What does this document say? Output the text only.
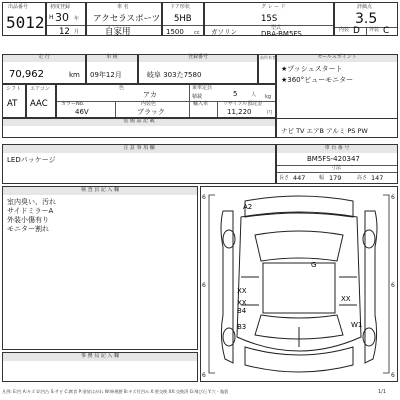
出品番号
5012
初度登録
H 30 年
12 月
車 名
アクセラスポーツ
自家用
ドア形状
5HB
1500 cc
グ レ ー ド
15S
ガソリン	型式
DBA-BM5FS
評価点
3.5
内装	外装
D	C
走 行
70,962	km
車 検
09年12月
登録番号
岐阜 303た7580
前所有者	セールスポイント
★プッシュスタート
★360°ビューモニター
シフト
AT
エアコン
AAC
色
アカ
乗車定員
5	人
積載	kg
カラーNo.
46V
内装色
ブラック
輸入車	リサイクル預託金
11,220	円
装 備 品 記 載
ナビ TV エアB アルミ PS PW
注 意 事 項 欄
LEDパッケージ
車 台 番 号
BM5FS-420347
寸法
長さ 447	幅 179	高さ 147
検 査 員 記 入 欄
室内臭い、汚れ
サイドミラーA
外装小傷有り
モニター割れ
事 務 局 記 入 欄
A2
G
XX
XX	XX
B4
B3	W1
6
6
6
6
6
6
凡例: E:凹 A:キズ U:凹凸 S:サビ C:腐食 P:塗装はがれ W:修理歴 B:キズ付凹み X:要交換 XX:交換済 G:飛び石 Y:穴・亀裂	1/1
